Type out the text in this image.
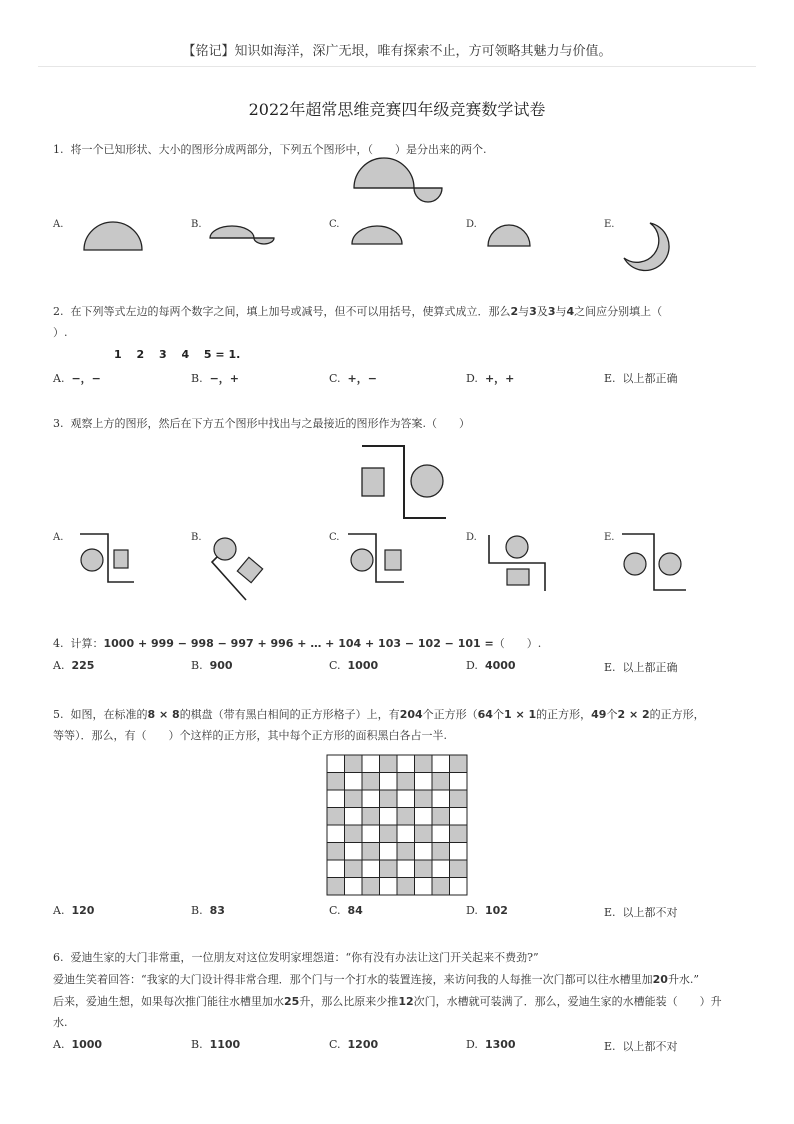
【铭记】知识如海洋，深广无垠，唯有探索不止，方可领略其魅力与价值。
2022年超常思维竞赛四年级竞赛数学试卷
1. 将一个已知形状、大小的图形分成两部分，下列五个图形中，（　　）是分出来的两个.
A.	B.	C.	D.	E.
2. 在下列等式左边的每两个数字之间，填上加号或减号，但不可以用括号，使算式成立．那么2与3及3与4之间应分别填上（
）.
1　 2　 3　 4　 5 = 1.
A. −，−	B. −，+	C. +，−	D. +，+	E. 以上都正确
3. 观察上方的图形，然后在下方五个图形中找出与之最接近的图形作为答案.（　　）
A.	B.	C.	D.	E.
4. 计算：1000 + 999 − 998 − 997 + 996 + … + 104 + 103 − 102 − 101 =（　　）.
A. 225	B. 900	C. 1000	D. 4000	E. 以上都正确
5. 如图，在标准的8 × 8的棋盘（带有黑白相间的正方形格子）上，有204个正方形（64个1 × 1的正方形，49个2 × 2的正方形，
等等）．那么，有（　　）个这样的正方形，其中每个正方形的面积黑白各占一半.
A. 120	B. 83	C. 84	D. 102	E. 以上都不对
6. 爱迪生家的大门非常重，一位朋友对这位发明家埋怨道：“你有没有办法让这门开关起来不费劲?”
爱迪生笑着回答：“我家的大门设计得非常合理．那个门与一个打水的装置连接，来访问我的人每推一次门都可以往水槽里加20升水.”
后来，爱迪生想，如果每次推门能往水槽里加水25升，那么比原来少推12次门，水槽就可装满了．那么，爱迪生家的水槽能装（　　）升
水.
A. 1000	B. 1100	C. 1200	D. 1300	E. 以上都不对
